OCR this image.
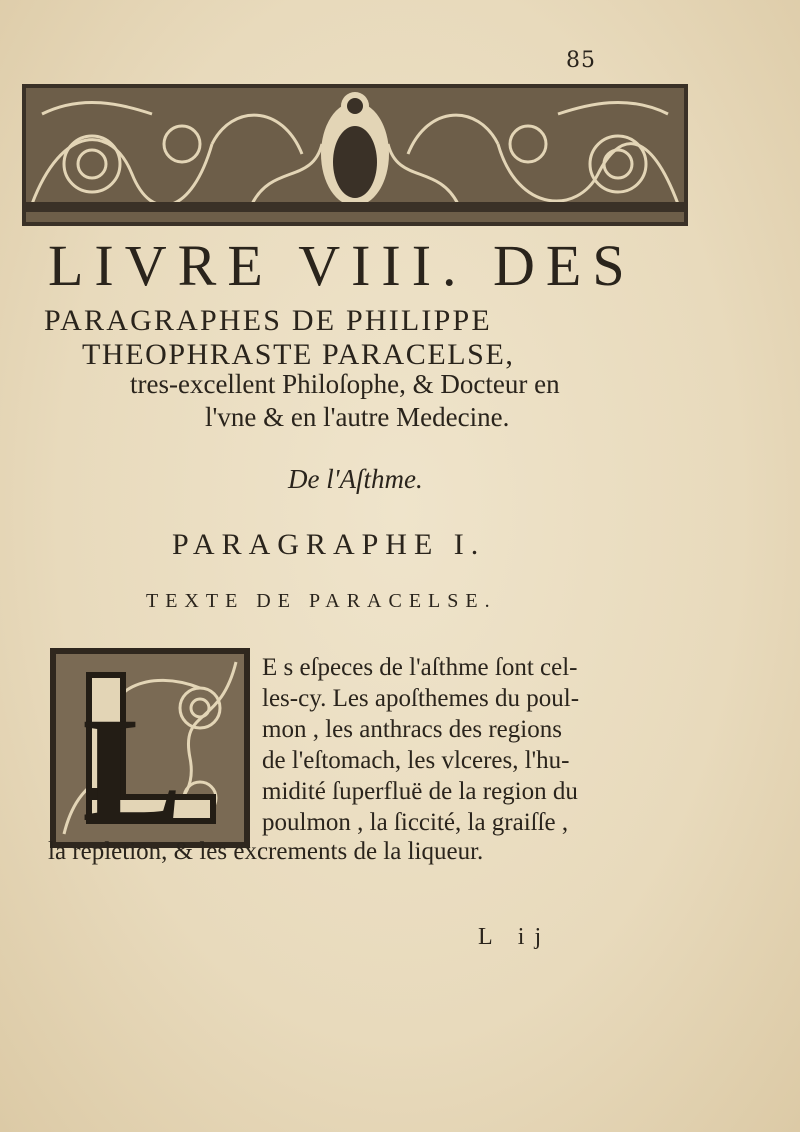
85
LIVRE VIII. DES
PARAGRAPHES DE PHILIPPE
THEOPHRASTE PARACELSE,
tres-excellent Philoſophe, & Docteur en
l'vne & en l'autre Medecine.
De l'Aſthme.
PARAGRAPHE I.
TEXTE DE PARACELSE.
L
E s eſpeces de l'aſthme ſont cel-
les-cy. Les apoſthemes du poul-
mon , les anthracs des regions
de l'eſtomach, les vlceres, l'hu-
midité ſuperfluë de la region du
poulmon , la ſiccité, la graiſſe ,
la repletion, & les excrements de la liqueur.
L ij
